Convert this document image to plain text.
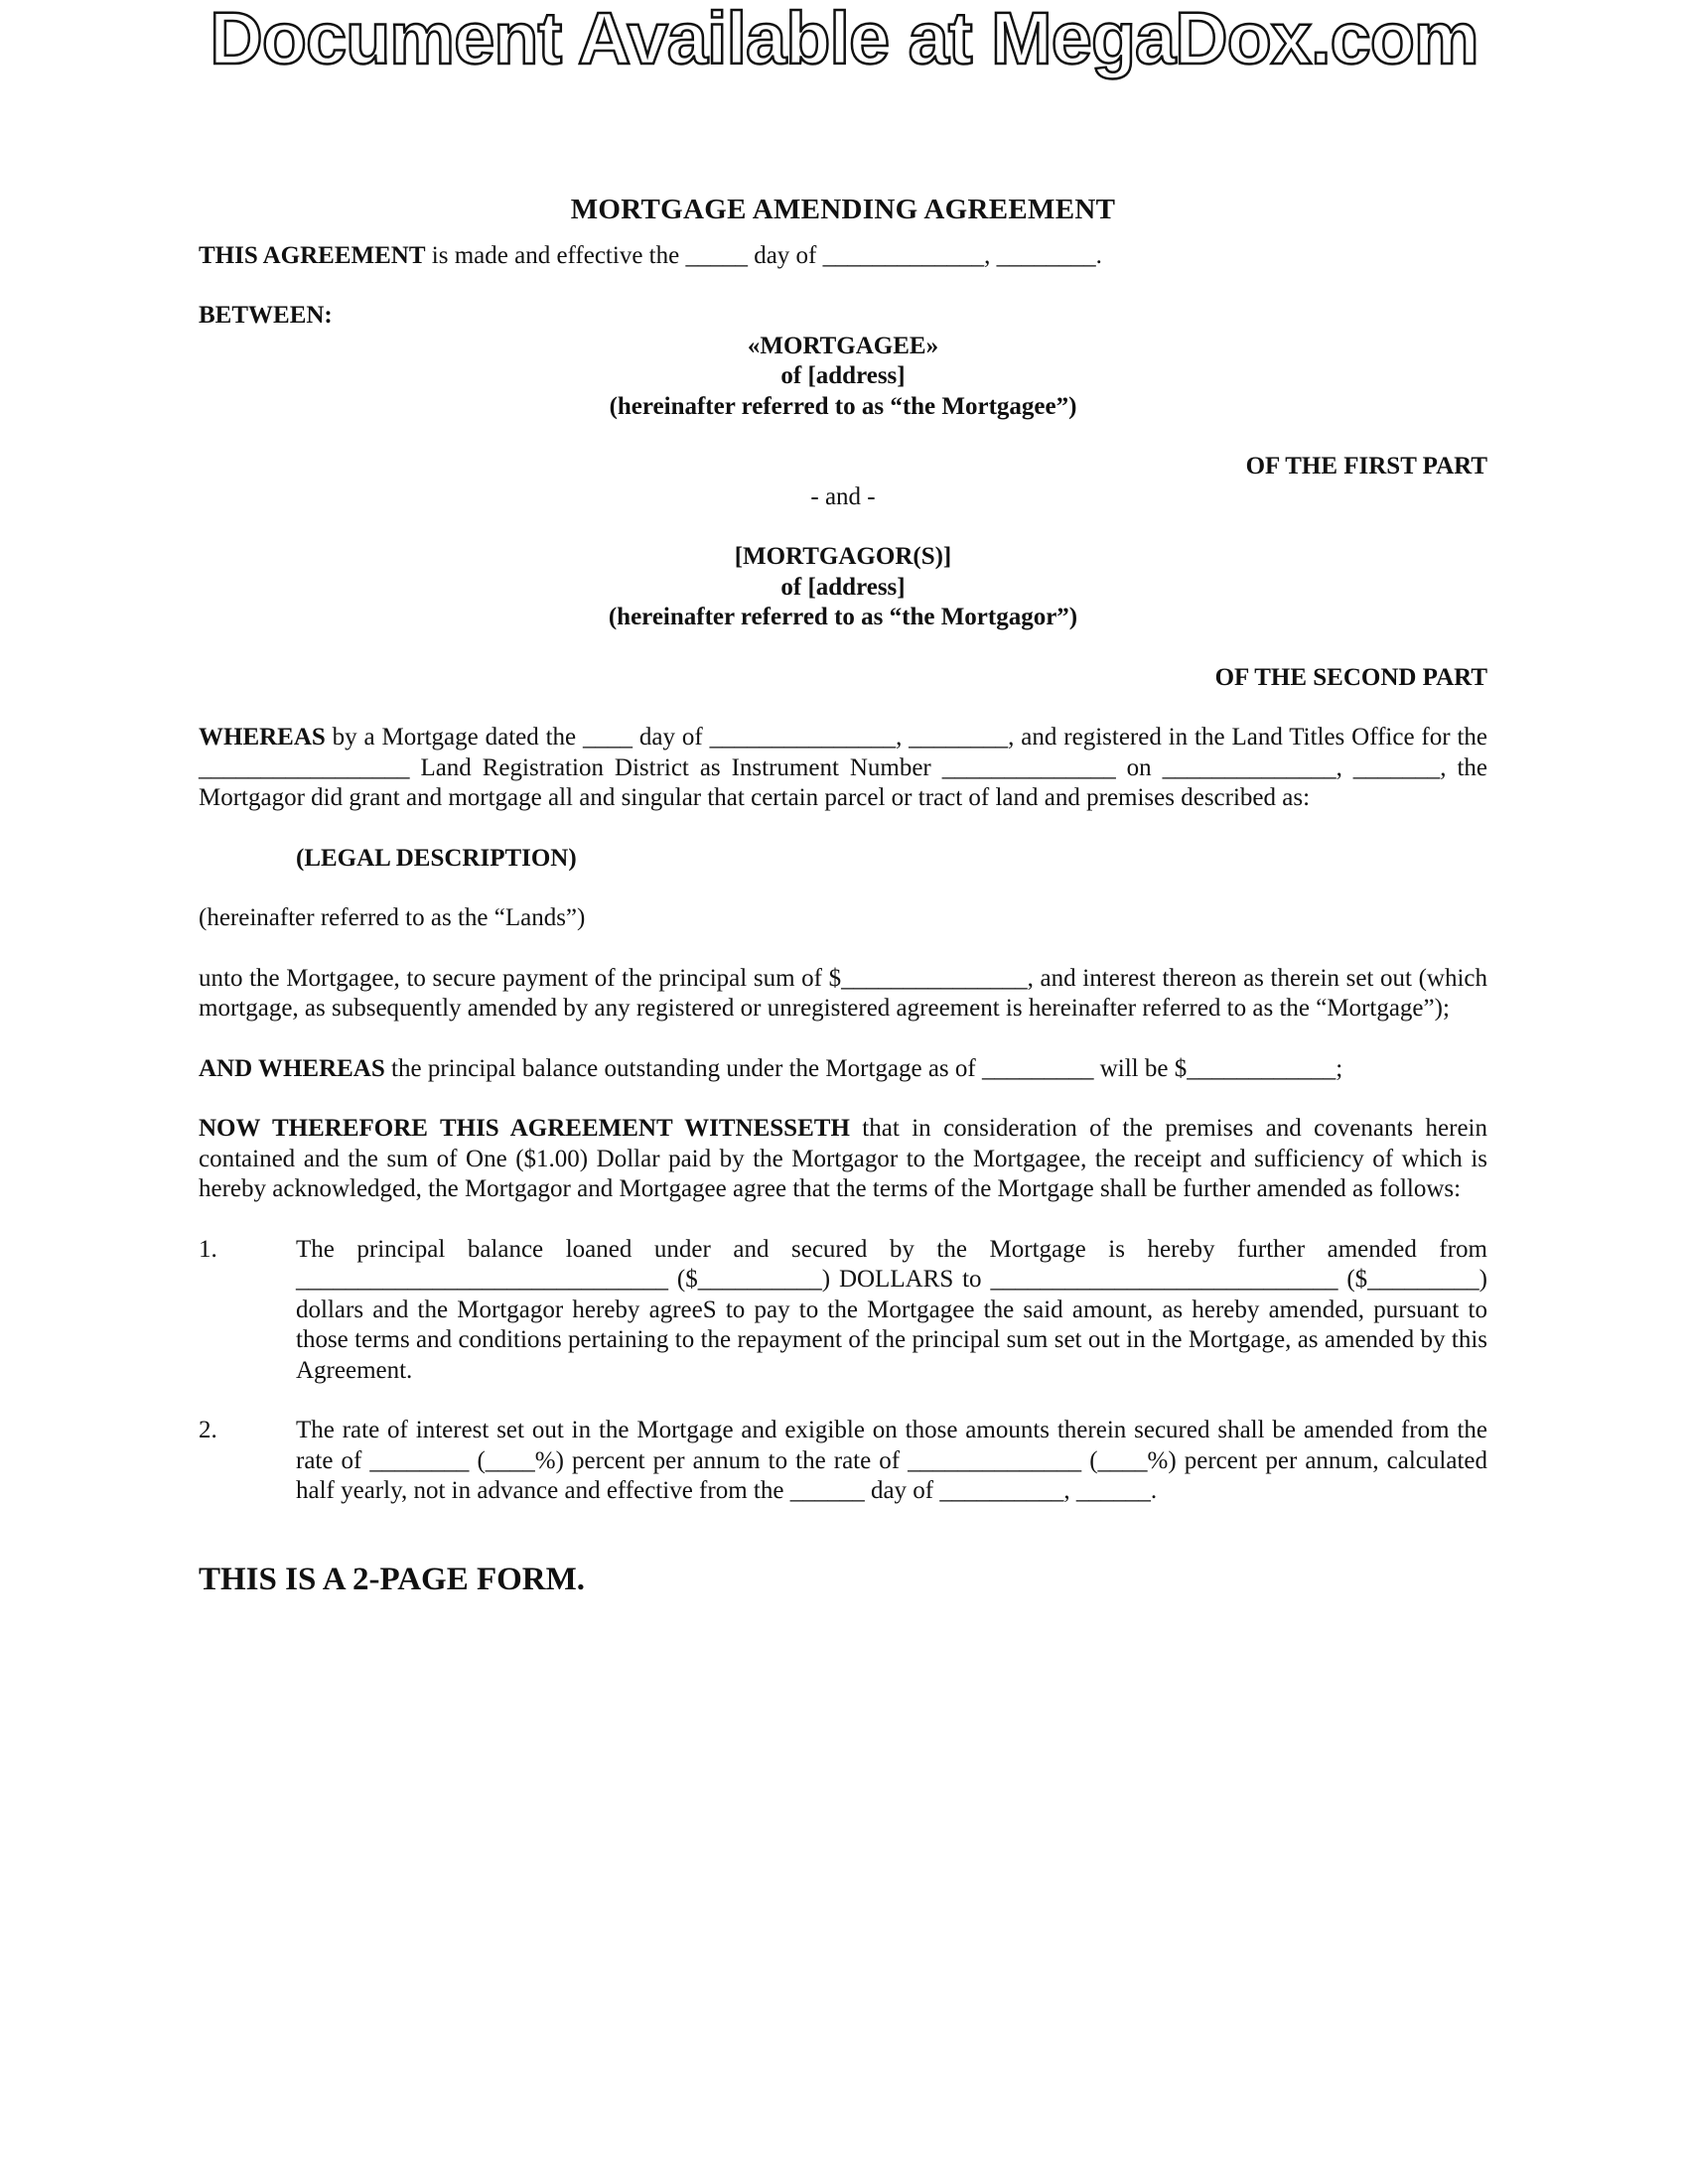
Document Available at MegaDox.com
MORTGAGE AMENDING AGREEMENT

THIS AGREEMENT is made and effective the _____ day of _____________, ________.

BETWEEN:

«MORTGAGEE»
of [address]
(hereinafter referred to as “the Mortgagee”)
OF THE FIRST PART
- and -
[MORTGAGOR(S)]
of [address]
(hereinafter referred to as “the Mortgagor”)
OF THE SECOND PART

WHEREAS by a Mortgage dated the ____ day of _______________, ________, and registered in the Land Titles Office for the _________________ Land Registration District as Instrument Number ______________ on ______________, _______, the Mortgagor did grant and mortgage all and singular that certain parcel or tract of land and premises described as:

(LEGAL DESCRIPTION)

(hereinafter referred to as the “Lands”)

unto the Mortgagee, to secure payment of the principal sum of $_______________, and interest thereon as therein set out (which mortgage, as subsequently amended by any registered or unregistered agreement is hereinafter referred to as the “Mortgage”);

AND WHEREAS the principal balance outstanding under the Mortgage as of _________ will be $____________;

NOW THEREFORE THIS AGREEMENT WITNESSETH that in consideration of the premises and covenants herein contained and the sum of One ($1.00) Dollar paid by the Mortgagor to the Mortgagee, the receipt and sufficiency of which is hereby acknowledged, the Mortgagor and Mortgagee agree that the terms of the Mortgage shall be further amended as follows:

1.	The principal balance loaned under and secured by the Mortgage is hereby further amended from ______________________________ ($__________) DOLLARS to ____________________________ ($_________) dollars and the Mortgagor hereby agreeS to pay to the Mortgagee the said amount, as hereby amended, pursuant to those terms and conditions pertaining to the repayment of the principal sum set out in the Mortgage, as amended by this Agreement.
2.	The rate of interest set out in the Mortgage and exigible on those amounts therein secured shall be amended from the rate of ________ (____%) percent per annum to the rate of ______________ (____%) percent per annum, calculated half yearly, not in advance and effective from the ______ day of __________, ______.
THIS IS A 2-PAGE FORM.
